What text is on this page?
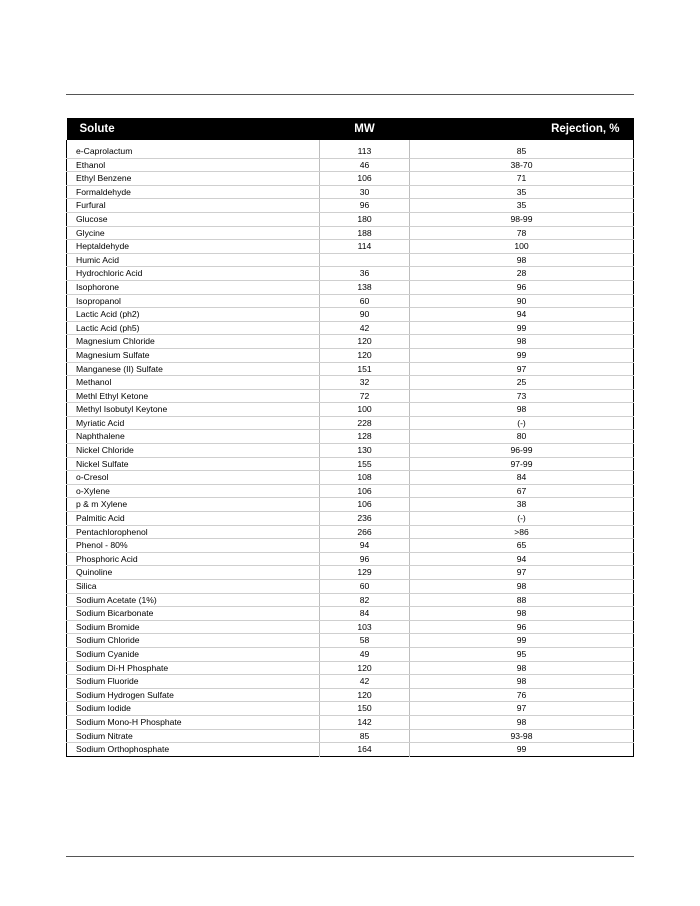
Solute	MW	Rejection, %

e-Caprolactum	113	85
Ethanol	46	38-70
Ethyl Benzene	106	71
Formaldehyde	30	35
Furfural	96	35
Glucose	180	98-99
Glycine	188	78
Heptaldehyde	114	100
Humic Acid		98
Hydrochloric Acid	36	28
Isophorone	138	96
Isopropanol	60	90
Lactic Acid (ph2)	90	94
Lactic Acid (ph5)	42	99
Magnesium Chloride	120	98
Magnesium Sulfate	120	99
Manganese (II) Sulfate	151	97
Methanol	32	25
Methl Ethyl Ketone	72	73
Methyl Isobutyl Keytone	100	98
Myriatic Acid	228	(-)
Naphthalene	128	80
Nickel Chloride	130	96-99
Nickel Sulfate	155	97-99
o-Cresol	108	84
o-Xylene	106	67
p & m Xylene	106	38
Palmitic Acid	236	(-)
Pentachlorophenol	266	>86
Phenol - 80%	94	65
Phosphoric Acid	96	94
Quinoline	129	97
Silica	60	98
Sodium Acetate (1%)	82	88
Sodium Bicarbonate	84	98
Sodium Bromide	103	96
Sodium Chloride	58	99
Sodium Cyanide	49	95
Sodium Di-H Phosphate	120	98
Sodium Fluoride	42	98
Sodium Hydrogen Sulfate	120	76
Sodium Iodide	150	97
Sodium Mono-H Phosphate	142	98
Sodium Nitrate	85	93-98
Sodium Orthophosphate	164	99
